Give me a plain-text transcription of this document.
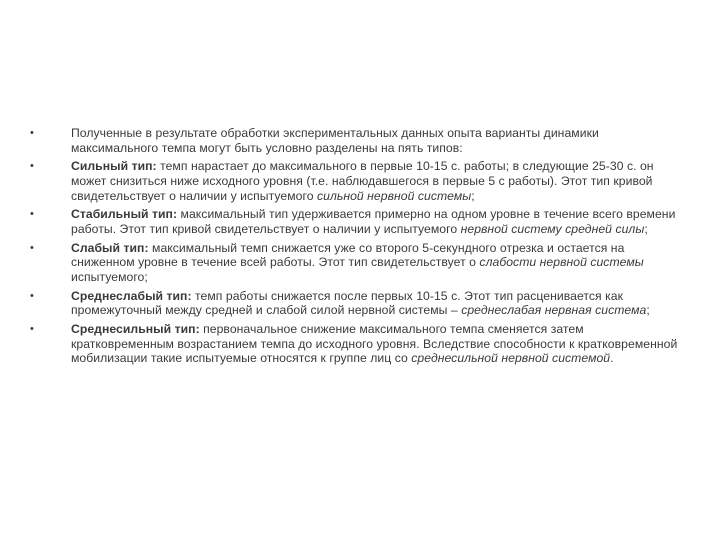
•	Полученные в результате обработки экспериментальных данных опыта варианты динамики максимального темпа могут быть условно разделены на пять типов:
•	Сильный тип: темп нарастает до максимального в первые 10-15 с. работы; в следующие 25-30 с. он может снизиться ниже исходного уровня (т.е. наблюдавшегося в первые 5 с работы). Этот тип кривой свидетельствует о наличии у испытуемого сильной нервной системы;
•	Стабильный тип: максимальный тип удерживается примерно на одном уровне в течение всего времени работы. Этот тип кривой свидетельствует о наличии у испытуемого нервной систему средней силы;
•	Слабый тип: максимальный темп снижается уже со второго 5-секундного отрезка и остается на сниженном уровне в течение всей работы. Этот тип свидетельствует о слабости нервной системы испытуемого;
•	Среднеслабый тип: темп работы снижается после первых 10-15 с. Этот тип расценивается как промежуточный между средней и слабой силой нервной системы – среднеслабая нервная система;
•	Среднесильный тип: первоначальное снижение максимального темпа сменяется затем кратковременным возрастанием темпа до исходного уровня. Вследствие способности к кратковременной мобилизации такие испытуемые относятся к группе лиц со среднесильной нервной системой.
